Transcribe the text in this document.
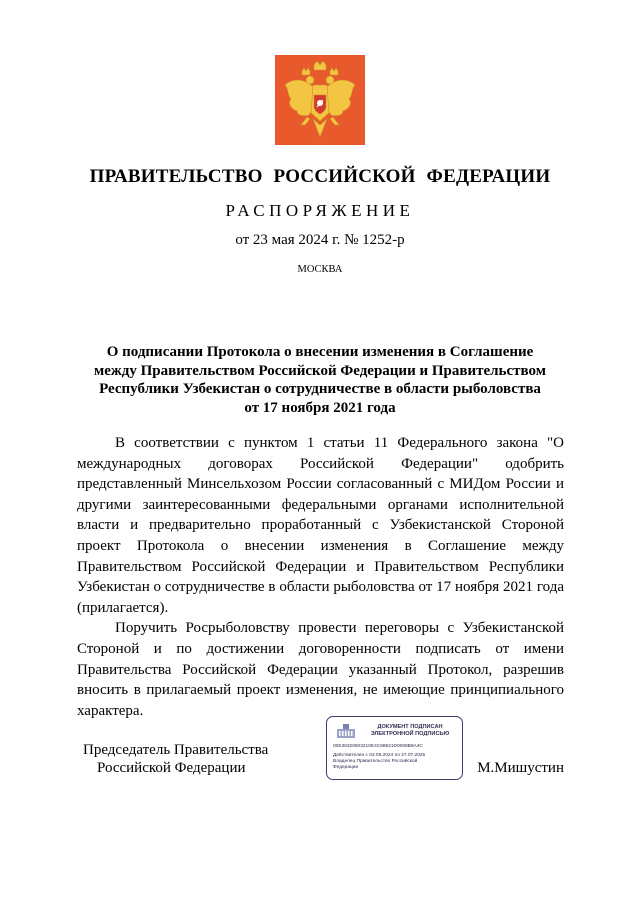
ПРАВИТЕЛЬСТВО РОССИЙСКОЙ ФЕДЕРАЦИИ
РАСПОРЯЖЕНИЕ
от 23 мая 2024 г. № 1252-р
МОСКВА
О подписании Протокола о внесении изменения в Соглашение
между Правительством Российской Федерации и Правительством
Республики Узбекистан о сотрудничестве в области рыболовства
от 17 ноября 2021 года

В соответствии с пунктом 1 статьи 11 Федерального закона "О международных договорах Российской Федерации" одобрить представленный Минсельхозом России согласованный с МИДом России и другими заинтересованными федеральными органами исполнительной власти и предварительно проработанный с Узбекистанской Стороной проект Протокола о внесении изменения в Соглашение между Правительством Российской Федерации и Правительством Республики Узбекистан о сотрудничестве в области рыболовства от 17 ноября 2021 года (прилагается).

Поручить Росрыболовству провести переговоры с Узбекистанской Стороной и по достижении договоренности подписать от имени Правительства Российской Федерации указанный Протокол, разрешив вносить в прилагаемый проект изменения, не имеющие принципиального характера.

Председатель Правительства
Российской Федерации
ДОКУМЕНТ ПОДПИСАН
ЭЛЕКТРОННОЙ ПОДПИСЬЮ
00E36320603210E4C88921D0069B8A4C
Действителен с 03.05.2024 по 27.07.2025
Владелец Правительство Российской
Федерации	М.Мишустин
